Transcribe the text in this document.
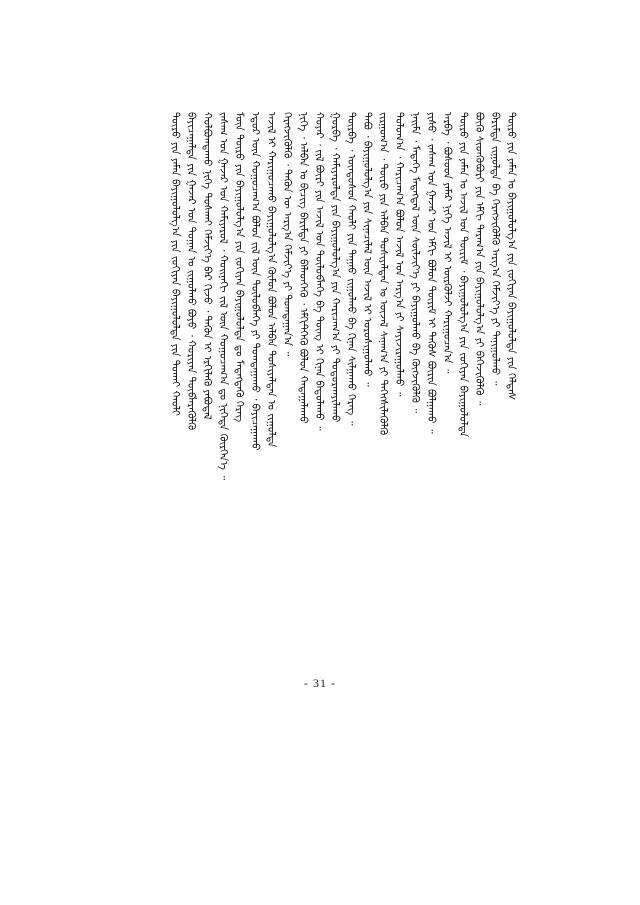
ᠲᠦᠷᠦ ᠶᠢᠨ ᠶᠠᠮᠠᠨ ᠪᠠᠶᠢᠭᠤᠯᠤᠯᠭ᠎ᠠ ᠶᠢᠨ ᠵᠤᠬᠢᠶᠠᠨ ᠪᠠᠶᠢᠭᠤᠯᠤᠯᠲᠠ ᠶᠢᠨ ᠲᠤᠬᠠᠢ ᠬᠠᠤᠯᠢ ᠪᠠᠶᠢᠴᠠᠭᠠᠯᠲᠠ ᠶᠢᠨ ᠭᠠᠵᠠᠷ ᠤᠨ ᠲᠤᠭᠠᠨ ᠤ ᠵᠢᠭᠤᠯᠬᠤ ᠪᠤᠶᠤ ᠂ ᠬᠤᠷᠢᠶᠠᠨ ᠲᠥᠪᠯᠡᠷᠡᠭᠦᠯᠬᠦ ᠬᠤᠯᠪᠤᠭᠳᠠᠬᠤ ᠨᠢᠭᠡ ᠲᠤᠰᠬᠠᠢ ᠬᠡᠮᠵᠢᠶ᠎ᠡ ᠪᠡᠷ ᠬᠢᠵᠦ ᠂ ᠲᠡᠭᠦᠨ ᠢ ᠡᠷᠬᠢᠯᠡᠬᠦ ᠶᠠᠪᠤᠳᠠᠯ ᠵᠠᠰᠠᠭ ᠤᠨ ᠭᠠᠵᠠᠷ ᠤᠨ ᠬᠠᠮᠢᠶᠠᠷᠤᠯ ᠂ ᠬᠤᠢᠨᠠᠬᠢ ᠵᠢᠯ ᠦᠨ ᠬᠤᠭᠤᠴᠠᠭ᠎ᠠ ᠳᠤ ᠨᠢᠭᠡᠲᠡ ᠬᠦᠷᠭᠡᠨ᠎ᠡ ᠃ ᠮᠥᠨ ᠲᠥᠷᠦ ᠶᠢᠨ ᠪᠠᠶᠢᠭᠤᠯᠤᠯᠭ᠎ᠠ ᠶᠢᠨ ᠵᠤᠬᠢᠶᠠᠨ ᠪᠠᠶᠢᠭᠤᠯᠤᠯᠲᠠ ᠳᠤ ᠮᠡᠳᠡᠭᠳᠡᠬᠦ ᠬᠡᠷᠡᠭ ᠡᠳᠦᠷ ᠦᠨ ᠬᠤᠭᠤᠴᠠᠭ᠎ᠠ ᠪᠤᠯᠤᠨ ᠵᠢᠯ ᠦᠨ ᠲᠥᠯᠥᠪᠯᠡᠭᠡ ᠶᠢ ᠲᠤᠭᠲᠠᠭᠠᠬᠤ ᠂ ᠪᠠᠶᠢᠴᠠᠭᠠᠬᠤ ᠠᠵᠢᠯ ᠢ ᠬᠠᠷᠢᠭᠤᠴᠠᠬᠤ ᠪᠠᠶᠢᠭᠤᠯᠤᠯᠭ᠎ᠠ ᠬᠦᠮᠦᠨ ᠪᠤᠯᠤᠨ ᠠᠯᠪᠠᠨ ᠲᠤᠰᠢᠶᠠᠯᠲᠠᠨ ᠤ ᠵᠢᠭᠤᠯᠲᠠ ᠬᠡᠷᠡᠭᠵᠢᠭᠦᠯᠬᠦ ᠂ ᠲᠡᠭᠦᠨ ᠦ ᠠᠷᠭ᠎ᠠ ᠬᠡᠮᠵᠢᠶ᠎ᠡ ᠶᠢ ᠲᠣᠭᠲᠠᠭᠠᠨ᠎ᠠ ᠃ ᠨᠢᠭᠡ ᠂ ᠠᠯᠪᠠᠨ ᠤ ᠪᠢᠴᠢᠭ ᠪᠠᠷᠢᠮᠲᠠ ᠶᠢ ᠪᠡᠯᠡᠳᠬᠡᠬᠦ ᠂ ᠡᠮᠬᠢᠲᠬᠡᠬᠦ ᠪᠤᠯᠤᠨ ᠬᠠᠳᠠᠭᠠᠯᠠᠬᠤ ᠬᠣᠶᠠᠷ ᠂ ᠵᠢᠯ ᠪᠦᠷᠢ ᠶᠢᠨ ᠠᠵᠢᠯ ᠤᠨ ᠲᠥᠯᠥᠪᠯᠡᠭᠡ ᠪᠠ ᠳᠦᠩ ᠢ ᠬᠢᠨᠠᠨ ᠪᠠᠲᠤᠯᠠᠬᠤ ᠃ ᠭᠤᠷᠪᠠ ᠂ ᠬᠠᠮᠢᠶᠠᠷᠤᠯᠲᠠ ᠶᠢᠨ ᠪᠠᠶᠢᠭᠤᠯᠤᠯᠭ᠎ᠠ ᠶᠢᠨ ᠬᠠᠷᠢᠴᠠᠭ᠎ᠠ ᠶᠢ ᠲᠣᠳᠣᠷᠬᠠᠶᠢᠯᠠᠬᠤ ᠳᠥᠷᠪᠡ ᠂ ᠦᠨᠳᠦᠰᠦᠨ ᠬᠠᠤᠯᠢ ᠶᠢᠨ ᠳᠠᠭᠠᠤ ᠵᠢᠭᠤᠯᠬᠤ ᠪᠠ ᠬᠢᠨᠠᠨ ᠰᠢᠯᠭᠠᠬᠤ ᠬᠡᠷᠡᠭ ᠃ ᠲᠠᠪᠤ ᠂ ᠪᠠᠶᠢᠭᠤᠯᠤᠯᠭ᠎ᠠ ᠶᠢᠨ ᠰᠢᠨᠡᠴᠢᠯᠡᠯ ᠦᠨ ᠠᠵᠢᠯ ᠢ ᠤᠷᠤᠰᠢᠭᠤᠯᠬᠤ ᠃ ᠵᠢᠷᠭᠤᠭ᠎ᠠ ᠂ ᠲᠥᠷᠦ ᠶᠢᠨ ᠠᠯᠪᠠᠨ ᠲᠤᠰᠢᠶᠠᠯᠲᠠᠨ ᠤ ᠦᠵᠡᠯ ᠰᠠᠨᠠᠭ᠎ᠠ ᠶᠢ ᠳᠡᠭᠡᠭᠰᠢᠯᠡᠭᠦᠯᠬᠦ ᠳᠣᠯᠣᠭ᠎ᠠ ᠂ ᠬᠠᠷᠢᠴᠠᠭ᠎ᠠ ᠪᠤᠯᠤᠨ ᠠᠵᠢᠯ ᠤᠨ ᠠᠷᠭ᠎ᠠ ᠶᠢ ᠰᠠᠶᠢᠵᠢᠷᠠᠭᠤᠯᠬᠤ ᠃ ᠨᠠᠢᠮᠠ ᠂ ᠮᠡᠳᠡᠭᠡ ᠮᠡᠳᠡᠭᠳᠡᠯ ᠦᠨ ᠰᠦᠯᠵᠢᠶ᠎ᠡ ᠶᠢ ᠪᠠᠶᠢᠭᠤᠯᠬᠤ ᠪᠠ ᠬᠥᠭᠵᠢᠭᠦᠯᠬᠦ ᠃ ᠶᠢᠰᠦ ᠂ ᠵᠠᠰᠠᠭ ᠤᠨ ᠭᠠᠵᠠᠷ ᠤᠨ ᠡᠮᠬᠢ ᠪᠤᠯᠤᠨ ᠳᠦᠷᠢᠮ ᠢ ᠲᠡᠭᠦᠰ ᠪᠦᠷᠢᠨ ᠪᠣᠯᠭᠠᠬᠤ ᠃ ᠠᠷᠪᠠ ᠂ ᠪᠤᠰᠤᠳ ᠶᠠᠮᠠᠷ ᠨᠢᠭᠡ ᠠᠵᠢᠯ ᠢ ᠦᠷᠭᠦᠯᠵᠢ ᠬᠠᠷᠢᠭᠤᠴᠠᠨ᠎ᠠ ᠃ ᠲᠥᠷᠦ ᠶᠢᠨ ᠶᠠᠮᠠᠨ ᠤ ᠠᠵᠢᠯ ᠤᠨ ᠳᠦᠷᠢᠮ ᠂ ᠪᠠᠶᠢᠭᠤᠯᠤᠯᠭ᠎ᠠ ᠶᠢᠨ ᠵᠤᠬᠢᠶᠠᠨ ᠪᠠᠶᠢᠭᠤᠯᠤᠯᠲᠠ ᠪᠦᠬᠦ ᠰᠢᠳᠬᠦᠪᠦᠷᠢ ᠶᠢᠨ ᠡᠮᠬᠢ ᠳᠠᠷᠠᠭ᠎ᠠ ᠶᠢᠨ ᠪᠠᠶᠢᠭᠤᠯᠤᠯᠭ᠎ᠠ ᠶᠢ ᠪᠡᠬᠡᠵᠢᠭᠦᠯᠬᠦ ᠃ ᠪᠠᠷᠢᠮᠲᠠ ᠵᠢᠭᠤᠯᠲᠠ ᠪᠠ ᠬᠡᠷᠡᠭᠵᠢᠭᠦᠯᠬᠦ ᠠᠷᠭ᠎ᠠ ᠬᠡᠮᠵᠢᠶ᠎ᠡ ᠶᠢ ᠲᠠᠨᠢᠭᠤᠯᠬᠤ ᠃ ᠲᠥᠷᠦ ᠶᠢᠨ ᠶᠠᠮᠠᠨ ᠤ ᠪᠠᠶᠢᠭᠤᠯᠤᠯᠭ᠎ᠠ ᠶᠢᠨ ᠵᠤᠬᠢᠶᠠᠨ ᠪᠠᠶᠢᠭᠤᠯᠤᠯᠲᠠ ᠶᠢᠨ ᠬᠡᠯᠲᠡᠰ
- 31 -
